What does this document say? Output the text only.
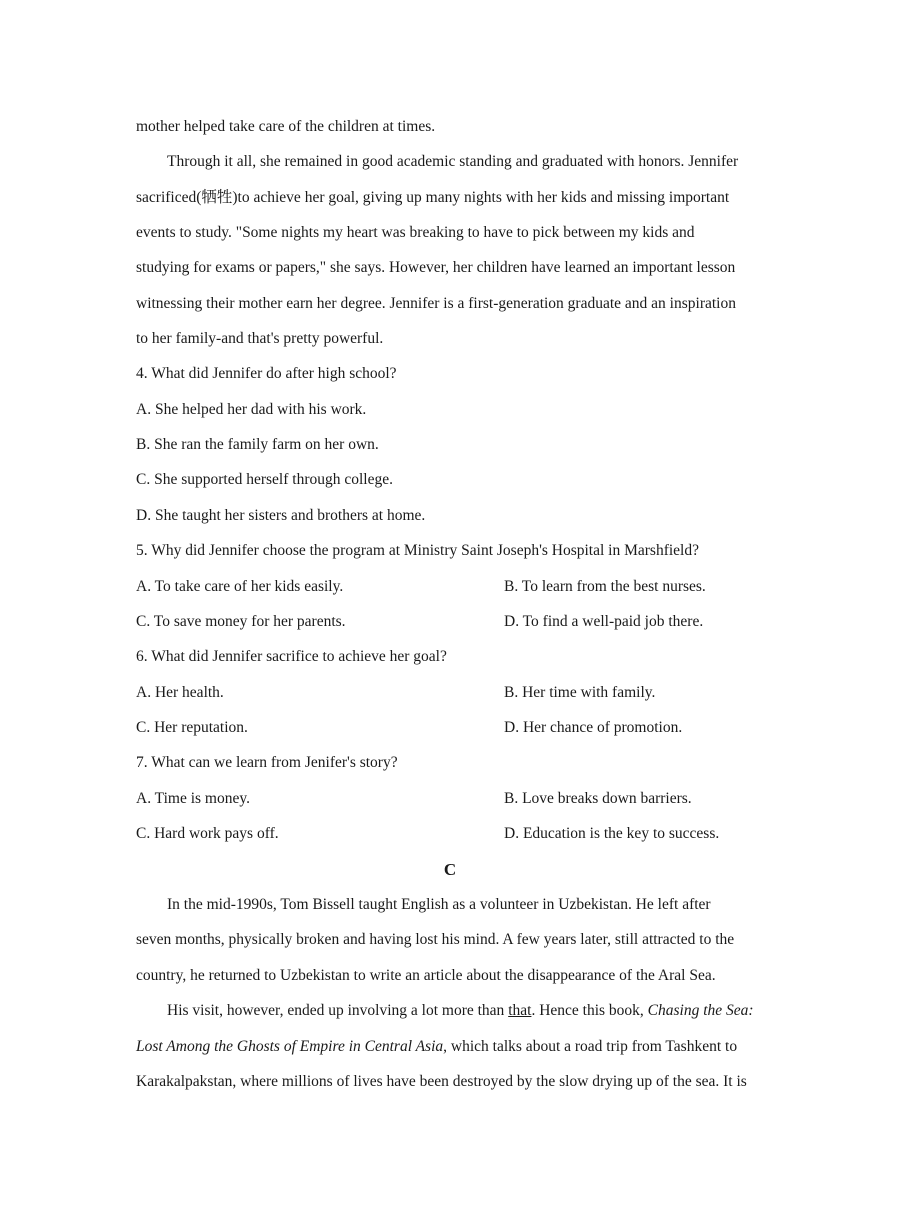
mother helped take care of the children at times.
Through it all, she remained in good academic standing and graduated with honors. Jennifer
sacrificed(牺牲)to achieve her goal, giving up many nights with her kids and missing important
events to study. "Some nights my heart was breaking to have to pick between my kids and
studying for exams or papers," she says. However, her children have learned an important lesson
witnessing their mother earn her degree. Jennifer is a first-generation graduate and an inspiration
to her family-and that's pretty powerful.
4. What did Jennifer do after high school?
A. She helped her dad with his work.
B. She ran the family farm on her own.
C. She supported herself through college.
D. She taught her sisters and brothers at home.
5. Why did Jennifer choose the program at Ministry Saint Joseph's Hospital in Marshfield?
A. To take care of her kids easily.	B. To learn from the best nurses.
C. To save money for her parents.	D. To find a well-paid job there.
6. What did Jennifer sacrifice to achieve her goal?
A. Her health.	B. Her time with family.
C. Her reputation.	D. Her chance of promotion.
7. What can we learn from Jenifer's story?
A. Time is money.	B. Love breaks down barriers.
C. Hard work pays off.	D. Education is the key to success.
C
In the mid-1990s, Tom Bissell taught English as a volunteer in Uzbekistan. He left after
seven months, physically broken and having lost his mind. A few years later, still attracted to the
country, he returned to Uzbekistan to write an article about the disappearance of the Aral Sea.
His visit, however, ended up involving a lot more than that. Hence this book, Chasing the Sea:
Lost Among the Ghosts of Empire in Central Asia, which talks about a road trip from Tashkent to
Karakalpakstan, where millions of lives have been destroyed by the slow drying up of the sea. It is
